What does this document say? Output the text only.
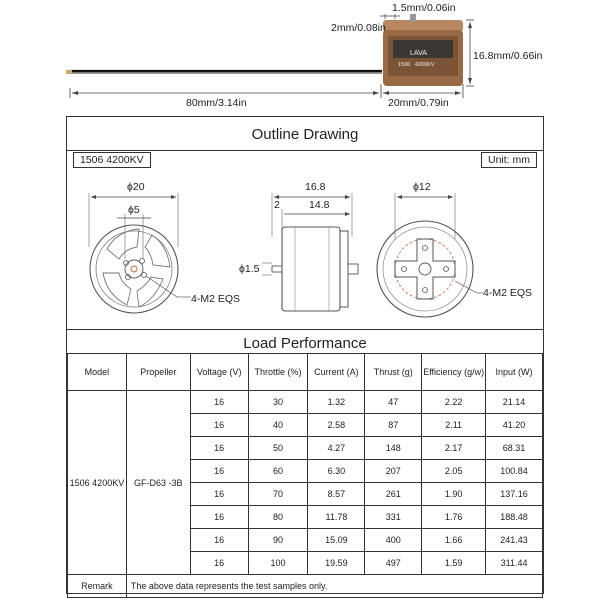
1.5mm/0.06in
2mm/0.08in
16.8mm/0.66in
80mm/3.14in	20mm/0.79in
LAVA
1506   4200KV
Outline Drawing
1506 4200KV	Unit: mm
ϕ20
ϕ5
4-M2 EQS
16.8
2	14.8
ϕ1.5
ϕ12
4-M2 EQS
Load Performance
Model	Propeller	Voltage (V)	Throttle (%)	Current (A)	Thrust (g)	Efficiency (g/w)	Input (W)
1506 4200KV	GF-D63 -3B	16	30	1.32	47	2.22	21.14
		16	40	2.58	87	2.11	41.20
		16	50	4.27	148	2.17	68.31
		16	60	6.30	207	2.05	100.84
		16	70	8.57	261	1.90	137.16
		16	80	11.78	331	1.76	188.48
		16	90	15.09	400	1.66	241.43
		16	100	19.59	497	1.59	311.44
Remark	The above data represents the test samples only.						
